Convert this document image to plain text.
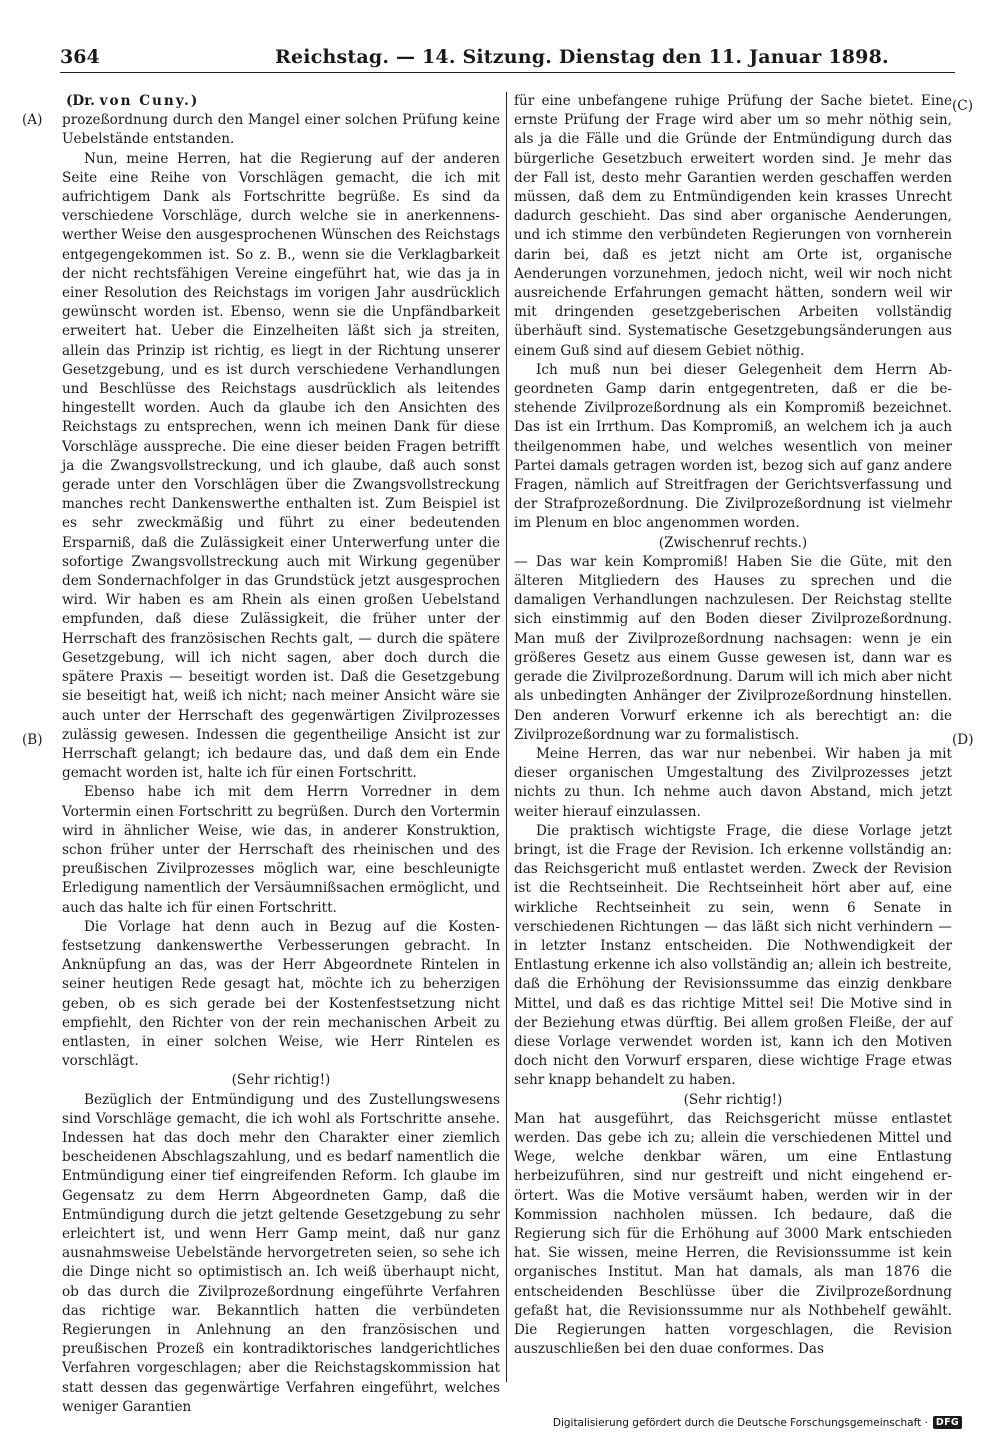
364	Reichstag. — 14. Sitzung. Dienstag den 11. Januar 1898.
(A)
(B)
(C)
(D)

(Dr. von Cuny.)

prozeßordnung durch den Mangel einer solchen Prüfung keine Uebelstände entstanden.

Nun, meine Herren, hat die Regierung auf der anderen Seite eine Reihe von Vorschlägen gemacht, die ich mit aufrichtigem Dank als Fortschritte begrüße. Es sind da verschiedene Vorschläge, durch welche sie in anerkennenswerther Weise den ausgesprochenen Wünschen des Reichstags entgegengekommen ist. So z. B., wenn sie die Verklagbarkeit der nicht rechtsfähigen Vereine eingeführt hat, wie das ja in einer Resolution des Reichstags im vorigen Jahr ausdrücklich gewünscht worden ist. Ebenso, wenn sie die Unpfändbarkeit erweitert hat. Ueber die Einzelheiten läßt sich ja streiten, allein das Prinzip ist richtig, es liegt in der Richtung unserer Gesetzgebung, und es ist durch verschiedene Verhandlungen und Beschlüsse des Reichstags ausdrücklich als leitendes hingestellt worden. Auch da glaube ich den Ansichten des Reichstags zu entsprechen, wenn ich meinen Dank für diese Vorschläge ausspreche. Die eine dieser beiden Fragen betrifft ja die Zwangsvollstreckung, und ich glaube, daß auch sonst gerade unter den Vorschlägen über die Zwangsvollstreckung manches recht Dankenswerthe enthalten ist. Zum Beispiel ist es sehr zweckmäßig und führt zu einer bedeutenden Ersparniß, daß die Zulässigkeit einer Unterwerfung unter die sofortige Zwangsvollstreckung auch mit Wirkung gegenüber dem Sondernachfolger in das Grundstück jetzt ausgesprochen wird. Wir haben es am Rhein als einen großen Uebelstand empfunden, daß diese Zulässigkeit, die früher unter der Herrschaft des französischen Rechts galt, — durch die spätere Gesetzgebung, will ich nicht sagen, aber doch durch die spätere Praxis — beseitigt worden ist. Daß die Gesetzgebung sie beseitigt hat, weiß ich nicht; nach meiner Ansicht wäre sie auch unter der Herrschaft des gegenwärtigen Zivilprozesses zulässig gewesen. Indessen die gegentheilige Ansicht ist zur Herrschaft gelangt; ich bedaure das, und daß dem ein Ende gemacht worden ist, halte ich für einen Fortschritt.

Ebenso habe ich mit dem Herrn Vorredner in dem Vortermin einen Fortschritt zu begrüßen. Durch den Vortermin wird in ähnlicher Weise, wie das, in anderer Konstruktion, schon früher unter der Herrschaft des rheinischen und des preußischen Zivilprozesses möglich war, eine beschleunigte Erledigung namentlich der Versäumnißsachen ermöglicht, und auch das halte ich für einen Fortschritt.

Die Vorlage hat denn auch in Bezug auf die Kostenfestsetzung dankenswerthe Verbesserungen gebracht. In Anknüpfung an das, was der Herr Abgeordnete Rintelen in seiner heutigen Rede gesagt hat, möchte ich zu beherzigen geben, ob es sich gerade bei der Kostenfestsetzung nicht empfiehlt, den Richter von der rein mechanischen Arbeit zu entlasten, in einer solchen Weise, wie Herr Rintelen es vorschlägt.

(Sehr richtig!)

Bezüglich der Entmündigung und des Zustellungswesens sind Vorschläge gemacht, die ich wohl als Fortschritte ansehe. Indessen hat das doch mehr den Charakter einer ziemlich bescheidenen Abschlagszahlung, und es bedarf namentlich die Entmündigung einer tief eingreifenden Reform. Ich glaube im Gegensatz zu dem Herrn Abgeordneten Gamp, daß die Entmündigung durch die jetzt geltende Gesetzgebung zu sehr erleichtert ist, und wenn Herr Gamp meint, daß nur ganz ausnahmsweise Uebelstände hervorgetreten seien, so sehe ich die Dinge nicht so optimistisch an. Ich weiß überhaupt nicht, ob das durch die Zivilprozeßordnung eingeführte Verfahren das richtige war. Bekanntlich hatten die verbündeten Regierungen in Anlehnung an den französischen und preußischen Prozeß ein kontradiktorisches landgerichtliches Verfahren vorgeschlagen; aber die Reichstagskommission hat statt dessen das gegenwärtige Verfahren eingeführt, welches weniger Garantien

für eine unbefangene ruhige Prüfung der Sache bietet. Eine ernste Prüfung der Frage wird aber um so mehr nöthig sein, als ja die Fälle und die Gründe der Entmündigung durch das bürgerliche Gesetzbuch erweitert worden sind. Je mehr das der Fall ist, desto mehr Garantien werden geschaffen werden müssen, daß dem zu Entmündigenden kein krasses Unrecht dadurch geschieht. Das sind aber organische Aenderungen, und ich stimme den verbündeten Regierungen von vornherein darin bei, daß es jetzt nicht am Orte ist, organische Aenderungen vorzunehmen, jedoch nicht, weil wir noch nicht ausreichende Erfahrungen gemacht hätten, sondern weil wir mit dringenden gesetzgeberischen Arbeiten vollständig überhäuft sind. Systematische Gesetzgebungsänderungen aus einem Guß sind auf diesem Gebiet nöthig.

Ich muß nun bei dieser Gelegenheit dem Herrn Abgeordneten Gamp darin entgegentreten, daß er die bestehende Zivilprozeßordnung als ein Kompromiß bezeichnet. Das ist ein Irrthum. Das Kompromiß, an welchem ich ja auch theilgenommen habe, und welches wesentlich von meiner Partei damals getragen worden ist, bezog sich auf ganz andere Fragen, nämlich auf Streitfragen der Gerichtsverfassung und der Strafprozeßordnung. Die Zivilprozeßordnung ist vielmehr im Plenum en bloc angenommen worden.

(Zwischenruf rechts.)

— Das war kein Kompromiß! Haben Sie die Güte, mit den älteren Mitgliedern des Hauses zu sprechen und die damaligen Verhandlungen nachzulesen. Der Reichstag stellte sich einstimmig auf den Boden dieser Zivilprozeßordnung. Man muß der Zivilprozeßordnung nachsagen: wenn je ein größeres Gesetz aus einem Gusse gewesen ist, dann war es gerade die Zivilprozeßordnung. Darum will ich mich aber nicht als unbedingten Anhänger der Zivilprozeßordnung hinstellen. Den anderen Vorwurf erkenne ich als berechtigt an: die Zivilprozeßordnung war zu formalistisch.

Meine Herren, das war nur nebenbei. Wir haben ja mit dieser organischen Umgestaltung des Zivilprozesses jetzt nichts zu thun. Ich nehme auch davon Abstand, mich jetzt weiter hierauf einzulassen.

Die praktisch wichtigste Frage, die diese Vorlage jetzt bringt, ist die Frage der Revision. Ich erkenne vollständig an: das Reichsgericht muß entlastet werden. Zweck der Revision ist die Rechtseinheit. Die Rechtseinheit hört aber auf, eine wirkliche Rechtseinheit zu sein, wenn 6 Senate in verschiedenen Richtungen — das läßt sich nicht verhindern — in letzter Instanz entscheiden. Die Nothwendigkeit der Entlastung erkenne ich also vollständig an; allein ich bestreite, daß die Erhöhung der Revisionssumme das einzig denkbare Mittel, und daß es das richtige Mittel sei! Die Motive sind in der Beziehung etwas dürftig. Bei allem großen Fleiße, der auf diese Vorlage verwendet worden ist, kann ich den Motiven doch nicht den Vorwurf ersparen, diese wichtige Frage etwas sehr knapp behandelt zu haben.

(Sehr richtig!)

Man hat ausgeführt, das Reichsgericht müsse entlastet werden. Das gebe ich zu; allein die verschiedenen Mittel und Wege, welche denkbar wären, um eine Entlastung herbeizuführen, sind nur gestreift und nicht eingehend erörtert. Was die Motive versäumt haben, werden wir in der Kommission nachholen müssen. Ich bedaure, daß die Regierung sich für die Erhöhung auf 3000 Mark entschieden hat. Sie wissen, meine Herren, die Revisionssumme ist kein organisches Institut. Man hat damals, als man 1876 die entscheidenden Beschlüsse über die Zivilprozeßordnung gefaßt hat, die Revisionssumme nur als Nothbehelf gewählt. Die Regierungen hatten vorgeschlagen, die Revision auszuschließen bei den duae conformes. Das

Digitalisierung gefördert durch die Deutsche Forschungsgemeinschaft · DFG
